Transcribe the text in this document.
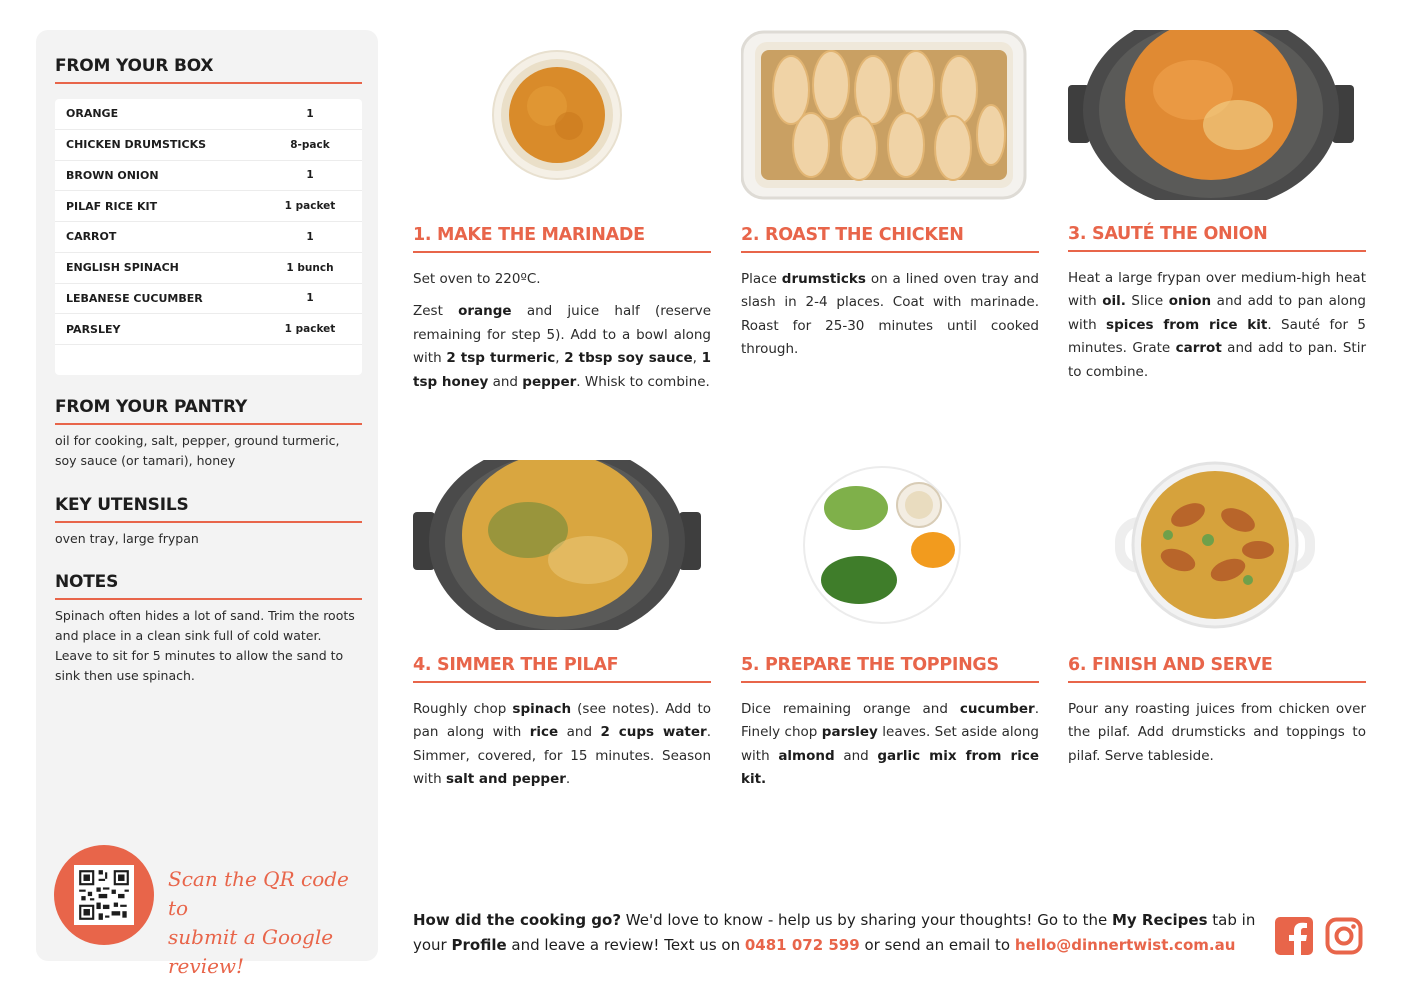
FROM YOUR BOX
ORANGE	1
CHICKEN DRUMSTICKS	8-pack
BROWN ONION	1
PILAF RICE KIT	1 packet
CARROT	1
ENGLISH SPINACH	1 bunch
LEBANESE CUCUMBER	1
PARSLEY	1 packet
FROM YOUR PANTRY
oil for cooking, salt, pepper, ground turmeric, soy sauce (or tamari), honey
KEY UTENSILS
oven tray, large frypan
NOTES
Spinach often hides a lot of sand. Trim the roots and place in a clean sink full of cold water. Leave to sit for 5 minutes to allow the sand to sink then use spinach.
Scan the QR code to
submit a Google review!
1. MAKE THE MARINADE

Set oven to 220ºC.

Zest orange and juice half (reserve remaining for step 5). Add to a bowl along with 2 tsp turmeric, 2 tbsp soy sauce, 1 tsp honey and pepper. Whisk to combine.

2. ROAST THE CHICKEN

Place drumsticks on a lined oven tray and slash in 2-4 places. Coat with marinade. Roast for 25-30 minutes until cooked through.

3. SAUTÉ THE ONION

Heat a large frypan over medium-high heat with oil. Slice onion and add to pan along with spices from rice kit. Sauté for 5 minutes. Grate carrot and add to pan. Stir to combine.

4. SIMMER THE PILAF

Roughly chop spinach (see notes). Add to pan along with rice and 2 cups water. Simmer, covered, for 15 minutes. Season with salt and pepper.

5. PREPARE THE TOPPINGS

Dice remaining orange and cucumber. Finely chop parsley leaves. Set aside along with almond and garlic mix from rice kit.

6. FINISH AND SERVE

Pour any roasting juices from chicken over the pilaf. Add drumsticks and toppings to pilaf. Serve tableside.

How did the cooking go? We'd love to know - help us by sharing your thoughts! Go to the My Recipes tab in your Profile and leave a review! Text us on 0481 072 599 or send an email to hello@dinnertwist.com.au
